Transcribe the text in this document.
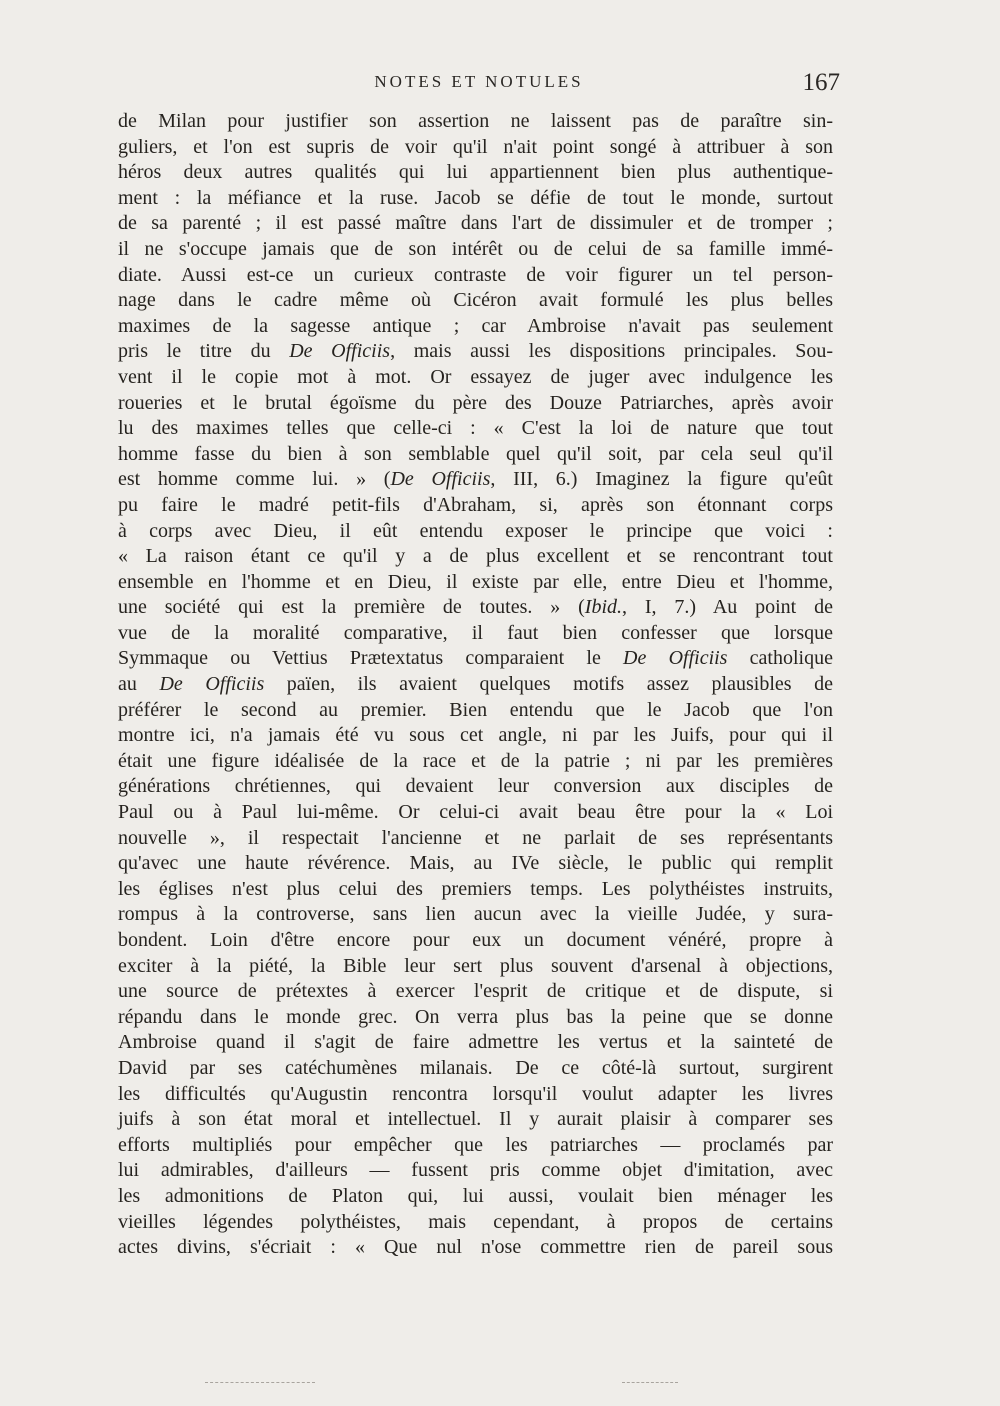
NOTES ET NOTULES	167
de Milan pour justifier son assertion ne laissent pas de paraître sin-
guliers, et l'on est supris de voir qu'il n'ait point songé à attribuer à son
héros deux autres qualités qui lui appartiennent bien plus authentique-
ment : la méfiance et la ruse. Jacob se défie de tout le monde, surtout
de sa parenté ; il est passé maître dans l'art de dissimuler et de tromper ;
il ne s'occupe jamais que de son intérêt ou de celui de sa famille immé-
diate. Aussi est-ce un curieux contraste de voir figurer un tel person-
nage dans le cadre même où Cicéron avait formulé les plus belles
maximes de la sagesse antique ; car Ambroise n'avait pas seulement
pris le titre du De Officiis, mais aussi les dispositions principales. Sou-
vent il le copie mot à mot. Or essayez de juger avec indulgence les
roueries et le brutal égoïsme du père des Douze Patriarches, après avoir
lu des maximes telles que celle-ci : « C'est la loi de nature que tout
homme fasse du bien à son semblable quel qu'il soit, par cela seul qu'il
est homme comme lui. » (De Officiis, III, 6.) Imaginez la figure qu'eût
pu faire le madré petit-fils d'Abraham, si, après son étonnant corps
à corps avec Dieu, il eût entendu exposer le principe que voici :
« La raison étant ce qu'il y a de plus excellent et se rencontrant tout
ensemble en l'homme et en Dieu, il existe par elle, entre Dieu et l'homme,
une société qui est la première de toutes. » (Ibid., I, 7.) Au point de
vue de la moralité comparative, il faut bien confesser que lorsque
Symmaque ou Vettius Prætextatus comparaient le De Officiis catholique
au De Officiis païen, ils avaient quelques motifs assez plausibles de
préférer le second au premier. Bien entendu que le Jacob que l'on
montre ici, n'a jamais été vu sous cet angle, ni par les Juifs, pour qui il
était une figure idéalisée de la race et de la patrie ; ni par les premières
générations chrétiennes, qui devaient leur conversion aux disciples de
Paul ou à Paul lui-même. Or celui-ci avait beau être pour la « Loi
nouvelle », il respectait l'ancienne et ne parlait de ses représentants
qu'avec une haute révérence. Mais, au IVe siècle, le public qui remplit
les églises n'est plus celui des premiers temps. Les polythéistes instruits,
rompus à la controverse, sans lien aucun avec la vieille Judée, y sura-
bondent. Loin d'être encore pour eux un document vénéré, propre à
exciter à la piété, la Bible leur sert plus souvent d'arsenal à objections,
une source de prétextes à exercer l'esprit de critique et de dispute, si
répandu dans le monde grec. On verra plus bas la peine que se donne
Ambroise quand il s'agit de faire admettre les vertus et la sainteté de
David par ses catéchumènes milanais. De ce côté-là surtout, surgirent
les difficultés qu'Augustin rencontra lorsqu'il voulut adapter les livres
juifs à son état moral et intellectuel. Il y aurait plaisir à comparer ses
efforts multipliés pour empêcher que les patriarches — proclamés par
lui admirables, d'ailleurs — fussent pris comme objet d'imitation, avec
les admonitions de Platon qui, lui aussi, voulait bien ménager les
vieilles légendes polythéistes, mais cependant, à propos de certains
actes divins, s'écriait : « Que nul n'ose commettre rien de pareil sous
